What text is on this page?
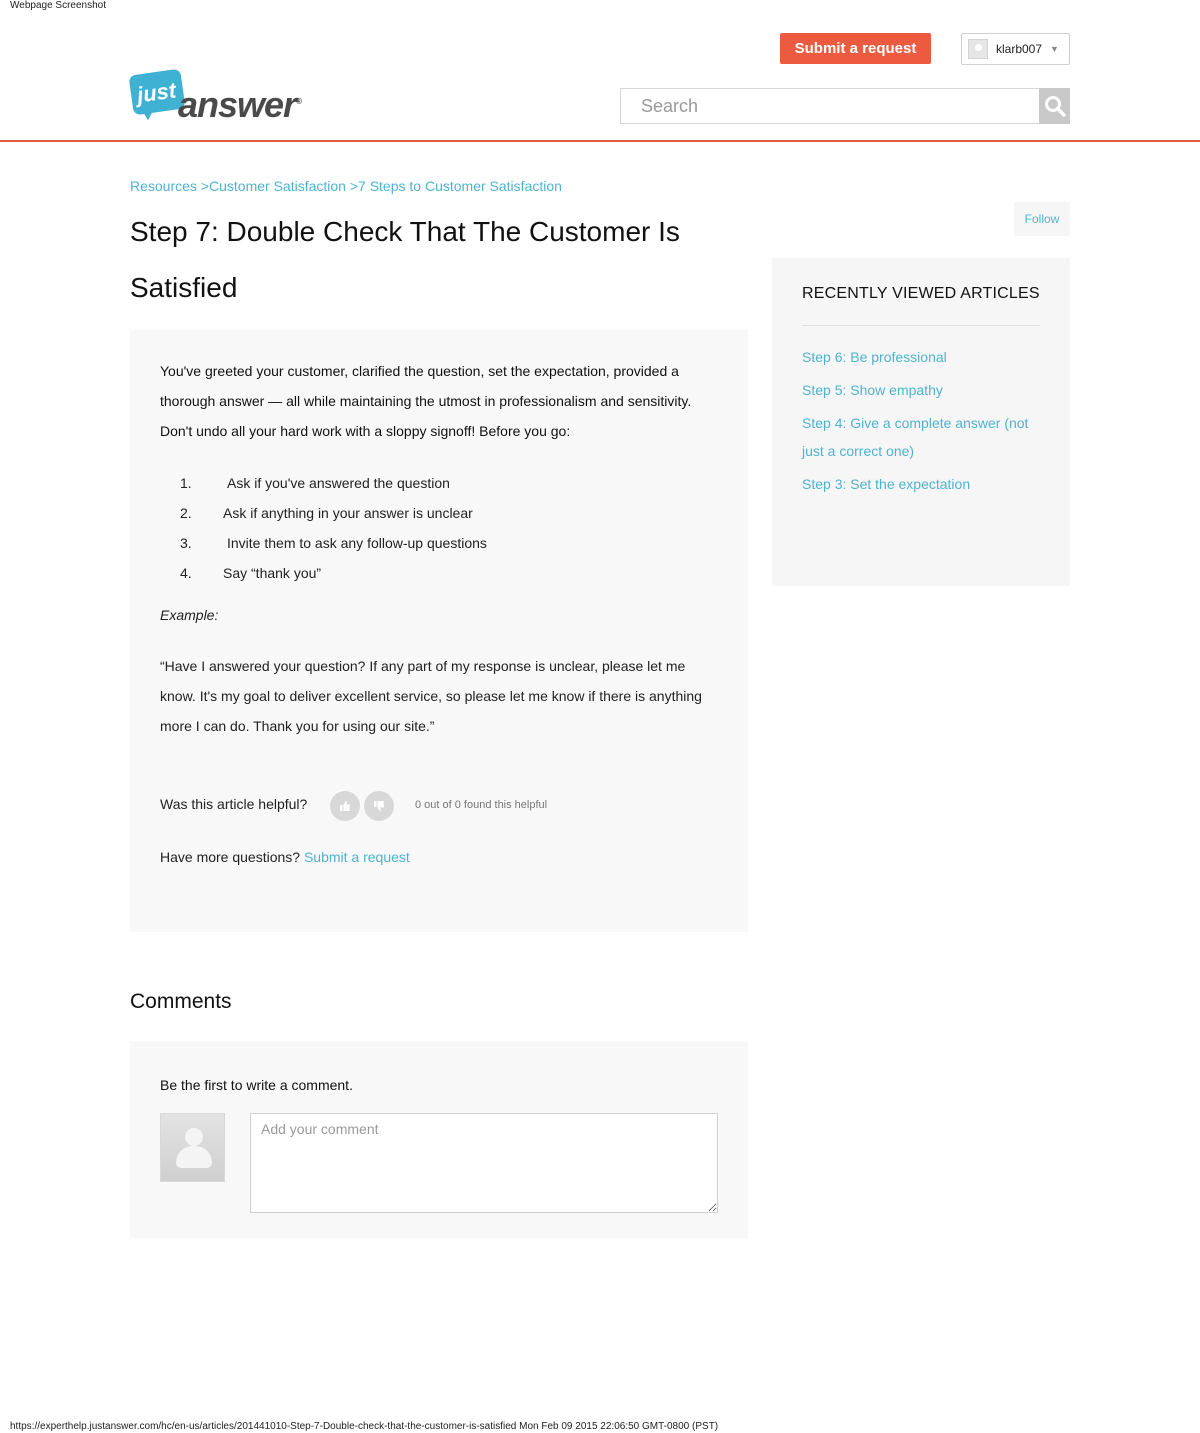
Webpage Screenshot
Submit a request	klarb007 ▼
just answer®
Search
Resources >Customer Satisfaction >7 Steps to Customer Satisfaction
Step 7: Double Check That The Customer Is Satisfied
Follow

You've greeted your customer, clarified the question, set the expectation, provided a thorough answer — all while maintaining the utmost in professionalism and sensitivity. Don't undo all your hard work with a sloppy signoff! Before you go:

1.	Ask if you've answered the question
2.	Ask if anything in your answer is unclear
3.	Invite them to ask any follow-up questions
4.	Say “thank you”
Example:

“Have I answered your question? If any part of my response is unclear, please let me know. It's my goal to deliver excellent service, so please let me know if there is anything more I can do. Thank you for using our site.”

Was this article helpful?	0 out of 0 found this helpful
Have more questions? Submit a request
RECENTLY VIEWED ARTICLES
Step 6: Be professional
Step 5: Show empathy
Step 4: Give a complete answer (not just a correct one)
Step 3: Set the expectation
Comments

Be the first to write a comment.

Add your comment
https://experthelp.justanswer.com/hc/en-us/articles/201441010-Step-7-Double-check-that-the-customer-is-satisfied Mon Feb 09 2015 22:06:50 GMT-0800 (PST)
